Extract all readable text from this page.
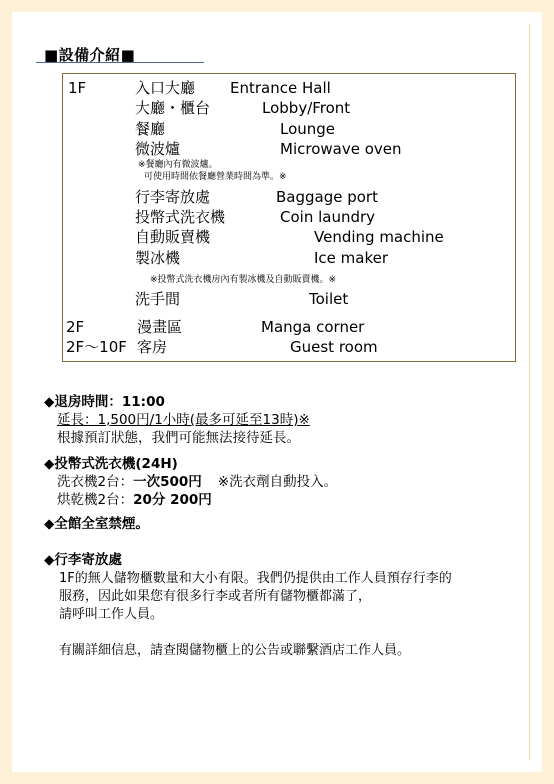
■設備介紹■
1F	入口大廳 Entrance Hall
大廳・櫃台	Lobby/Front
餐廳	Lounge
微波爐	Microwave oven
※餐廳內有微波爐。
可使用時間依餐廳營業時間為準。※
行李寄放處	Baggage port
投幣式洗衣機	Coin laundry
自動販賣機	Vending machine
製冰機	Ice maker
※投幣式洗衣機房內有製冰機及自動販賣機。※
洗手間	Toilet
2F	漫畫區	Manga corner
2F～10F 客房	Guest room
◆退房時間：11:00
延長：1,500円/1小時(最多可延至13時)※
根據預訂狀態，我們可能無法接待延長。
◆投幣式洗衣機(24H)
洗衣機2台：一次500円 ※洗衣劑自動投入。
烘乾機2台：20分 200円
◆全館全室禁煙。
◆行李寄放處
1F的無人儲物櫃數量和大小有限。我們仍提供由工作人員預存行李的
服務，因此如果您有很多行李或者所有儲物櫃都滿了，
請呼叫工作人員。
有關詳細信息，請查閱儲物櫃上的公告或聯繫酒店工作人員。
